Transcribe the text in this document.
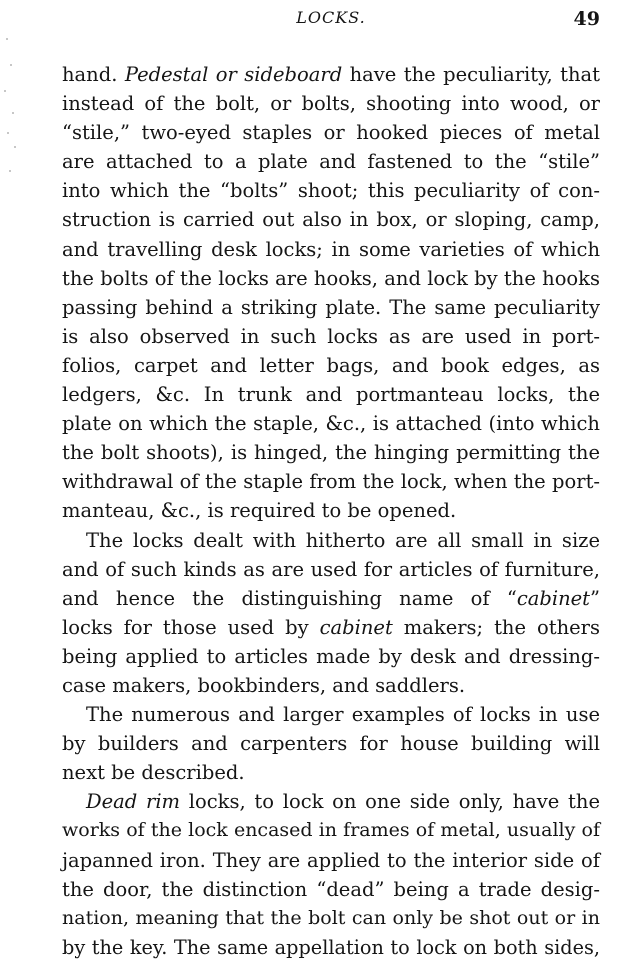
LOCKS.	49
hand. Pedestal or sideboard have the peculiarity, that
instead of the bolt, or bolts, shooting into wood, or
“stile,” two-eyed staples or hooked pieces of metal
are attached to a plate and fastened to the “stile”
into which the “bolts” shoot; this peculiarity of con-
struction is carried out also in box, or sloping, camp,
and travelling desk locks; in some varieties of which
the bolts of the locks are hooks, and lock by the hooks
passing behind a striking plate. The same peculiarity
is also observed in such locks as are used in port-
folios, carpet and letter bags, and book edges, as
ledgers, &c. In trunk and portmanteau locks, the
plate on which the staple, &c., is attached (into which
the bolt shoots), is hinged, the hinging permitting the
withdrawal of the staple from the lock, when the port-
manteau, &c., is required to be opened.
The locks dealt with hitherto are all small in size
and of such kinds as are used for articles of furniture,
and hence the distinguishing name of “cabinet”
locks for those used by cabinet makers; the others
being applied to articles made by desk and dressing-
case makers, bookbinders, and saddlers.
The numerous and larger examples of locks in use
by builders and carpenters for house building will
next be described.
Dead rim locks, to lock on one side only, have the
works of the lock encased in frames of metal, usually of
japanned iron. They are applied to the interior side of
the door, the distinction “dead” being a trade desig-
nation, meaning that the bolt can only be shot out or in
by the key. The same appellation to lock on both sides,
